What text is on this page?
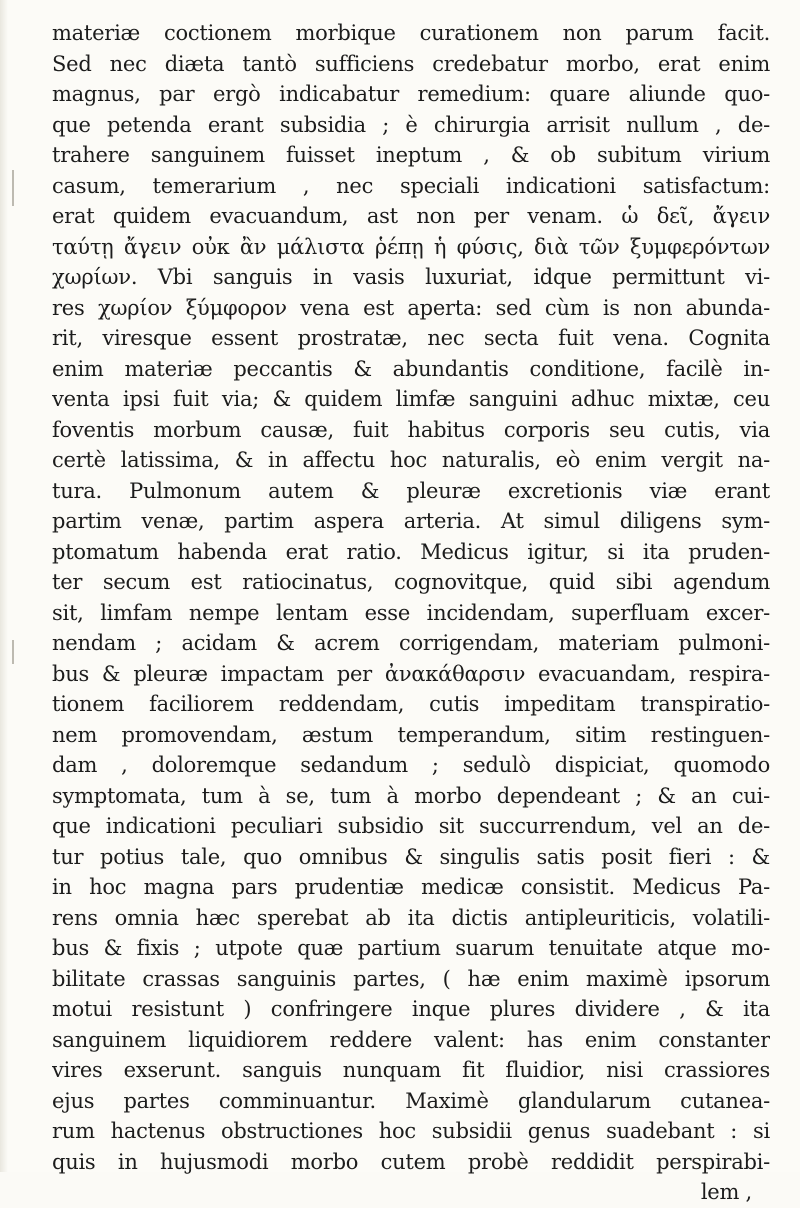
materiæ coctionem morbique curationem non parum facit.
Sed nec diæta tantò sufficiens credebatur morbo, erat enim
magnus, par ergò indicabatur remedium: quare aliunde quo-
que petenda erant subsidia ; è chirurgia arrisit nullum , de-
trahere sanguinem fuisset ineptum , & ob subitum virium
casum, temerarium , nec speciali indicationi satisfactum:
erat quidem evacuandum, ast non per venam. ὡ δεῖ, ἄγειν
ταύτῃ ἄγειν οὐκ ἂν μάλιστα ῥέπῃ ἡ φύσις, διὰ τῶν ξυμφερόντων
χωρίων. Vbi sanguis in vasis luxuriat, idque permittunt vi-
res χωρίον ξύμφορον vena est aperta: sed cùm is non abunda-
rit, viresque essent prostratæ, nec secta fuit vena. Cognita
enim materiæ peccantis & abundantis conditione, facilè in-
venta ipsi fuit via; & quidem limfæ sanguini adhuc mixtæ, ceu
foventis morbum causæ, fuit habitus corporis seu cutis, via
certè latissima, & in affectu hoc naturalis, eò enim vergit na-
tura. Pulmonum autem & pleuræ excretionis viæ erant
partim venæ, partim aspera arteria. At simul diligens sym-
ptomatum habenda erat ratio. Medicus igitur, si ita pruden-
ter secum est ratiocinatus, cognovitque, quid sibi agendum
sit, limfam nempe lentam esse incidendam, superfluam excer-
nendam ; acidam & acrem corrigendam, materiam pulmoni-
bus & pleuræ impactam per ἀνακάθαρσιν evacuandam, respira-
tionem faciliorem reddendam, cutis impeditam transpiratio-
nem promovendam, æstum temperandum, sitim restinguen-
dam , doloremque sedandum ; sedulò dispiciat, quomodo
symptomata, tum à se, tum à morbo dependeant ; & an cui-
que indicationi peculiari subsidio sit succurrendum, vel an de-
tur potius tale, quo omnibus & singulis satis posit fieri : &
in hoc magna pars prudentiæ medicæ consistit. Medicus Pa-
rens omnia hæc sperebat ab ita dictis antipleuriticis, volatili-
bus & fixis ; utpote quæ partium suarum tenuitate atque mo-
bilitate crassas sanguinis partes, ( hæ enim maximè ipsorum
motui resistunt ) confringere inque plures dividere , & ita
sanguinem liquidiorem reddere valent: has enim constanter
vires exserunt. sanguis nunquam fit fluidior, nisi crassiores
ejus partes comminuantur. Maximè glandularum cutanea-
rum hactenus obstructiones hoc subsidii genus suadebant : si
quis in hujusmodi morbo cutem probè reddidit perspirabi-
lem ,
